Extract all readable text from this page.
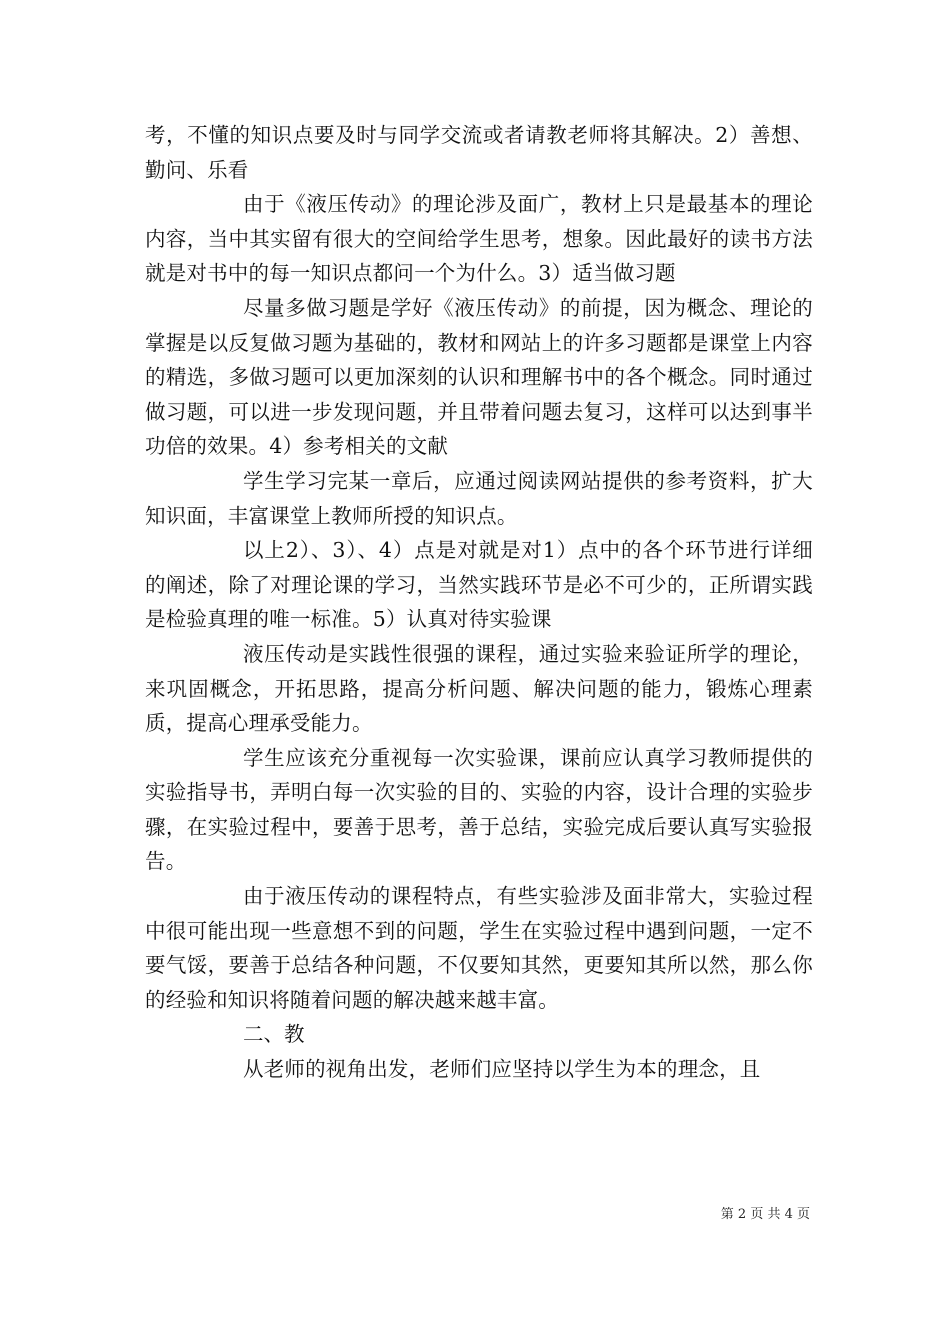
考，不懂的知识点要及时与同学交流或者请教老师将其解决。2）善想、勤问、乐看

由于《液压传动》的理论涉及面广，教材上只是最基本的理论内容，当中其实留有很大的空间给学生思考，想象。因此最好的读书方法就是对书中的每一知识点都问一个为什么。3）适当做习题

尽量多做习题是学好《液压传动》的前提，因为概念、理论的掌握是以反复做习题为基础的，教材和网站上的许多习题都是课堂上内容的精选，多做习题可以更加深刻的认识和理解书中的各个概念。同时通过做习题，可以进一步发现问题，并且带着问题去复习，这样可以达到事半功倍的效果。4）参考相关的文献

学生学习完某一章后，应通过阅读网站提供的参考资料，扩大知识面，丰富课堂上教师所授的知识点。

以上2）、3）、4）点是对就是对1）点中的各个环节进行详细的阐述，除了对理论课的学习，当然实践环节是必不可少的，正所谓实践是检验真理的唯一标准。5）认真对待实验课

液压传动是实践性很强的课程，通过实验来验证所学的理论，来巩固概念，开拓思路，提高分析问题、解决问题的能力，锻炼心理素质，提高心理承受能力。

学生应该充分重视每一次实验课，课前应认真学习教师提供的实验指导书，弄明白每一次实验的目的、实验的内容，设计合理的实验步骤，在实验过程中，要善于思考，善于总结，实验完成后要认真写实验报告。

由于液压传动的课程特点，有些实验涉及面非常大，实验过程中很可能出现一些意想不到的问题，学生在实验过程中遇到问题，一定不要气馁，要善于总结各种问题，不仅要知其然，更要知其所以然，那么你的经验和知识将随着问题的解决越来越丰富。

二、教

从老师的视角出发，老师们应坚持以学生为本的理念，且

第 2 页 共 4 页
